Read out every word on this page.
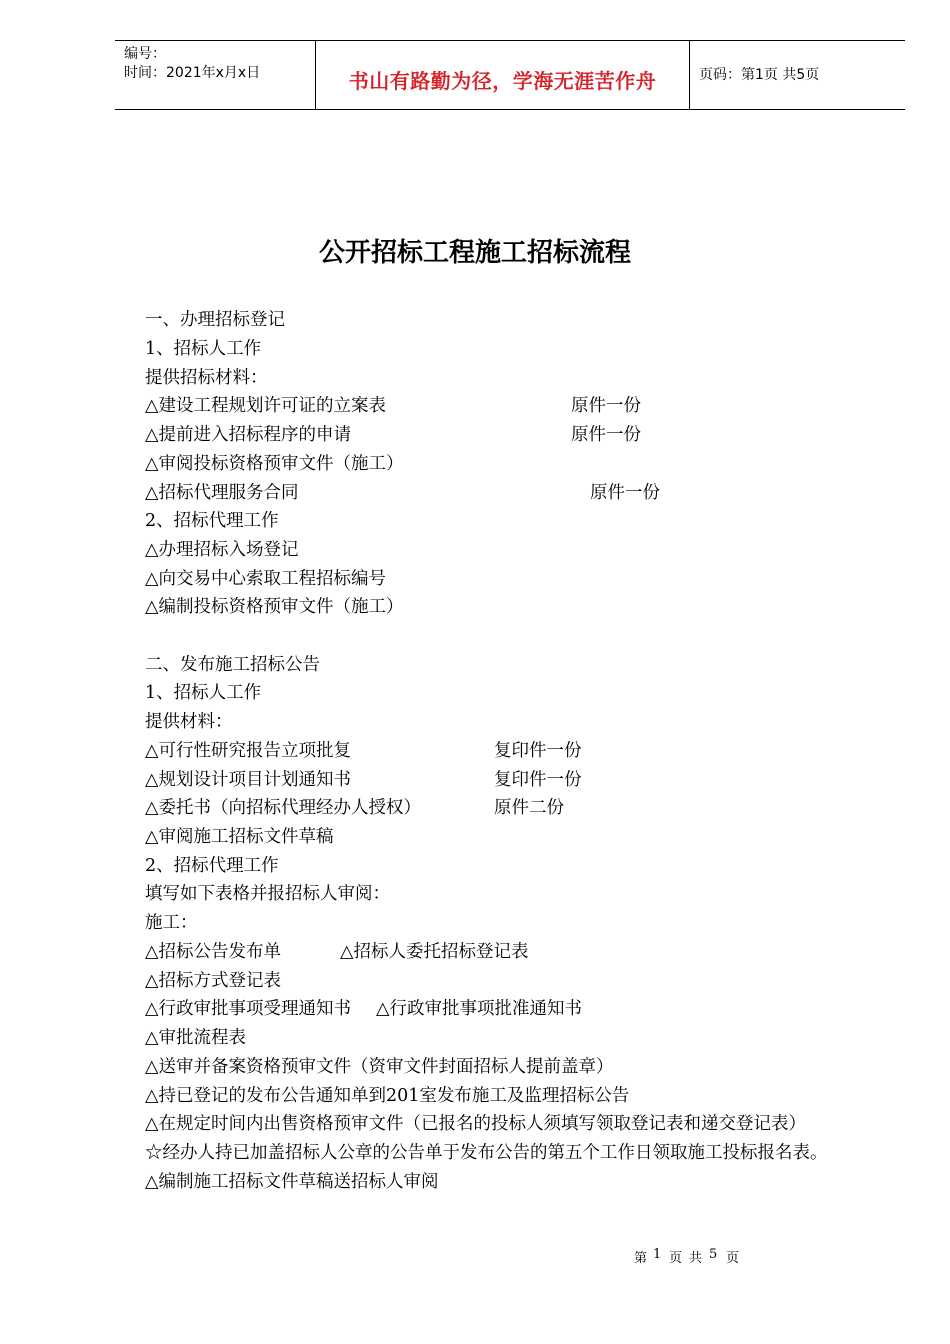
编号：
时间：2021年x月x日	书山有路勤为径，学海无涯苦作舟	页码：第1页 共5页
公开招标工程施工招标流程
一、办理招标登记
1、招标人工作
提供招标材料：
△建设工程规划许可证的立案表	原件一份
△提前进入招标程序的申请	原件一份
△审阅投标资格预审文件（施工）
△招标代理服务合同	原件一份
2、招标代理工作
△办理招标入场登记
△向交易中心索取工程招标编号
△编制投标资格预审文件（施工）
二、发布施工招标公告
1、招标人工作
提供材料：
△可行性研究报告立项批复	复印件一份
△规划设计项目计划通知书	复印件一份
△委托书（向招标代理经办人授权）	原件二份
△审阅施工招标文件草稿
2、招标代理工作
填写如下表格并报招标人审阅：
施工：
△招标公告发布单	△招标人委托招标登记表
△招标方式登记表
△行政审批事项受理通知书 △行政审批事项批准通知书
△审批流程表
△送审并备案资格预审文件（资审文件封面招标人提前盖章）
△持已登记的发布公告通知单到201室发布施工及监理招标公告
△在规定时间内出售资格预审文件（已报名的投标人须填写领取登记表和递交登记表）
☆经办人持已加盖招标人公章的公告单于发布公告的第五个工作日领取施工投标报名表。
△编制施工招标文件草稿送招标人审阅
第 1 页 共 5 页
